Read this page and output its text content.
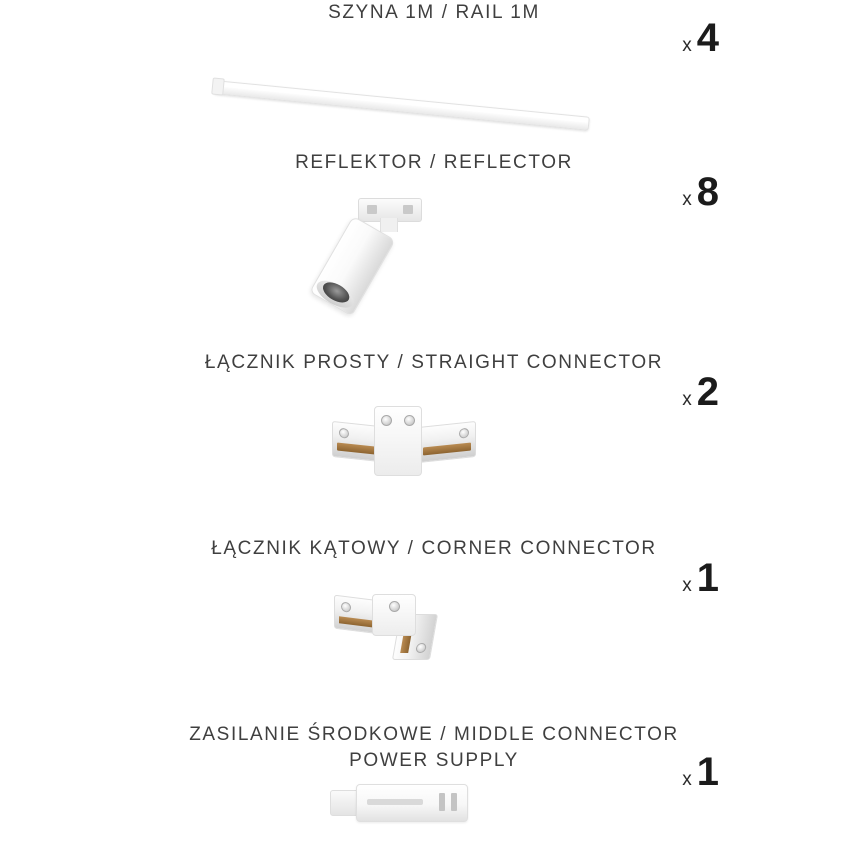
SZYNA 1M / RAIL 1M
x 4
REFLEKTOR / REFLECTOR
x 8
ŁĄCZNIK PROSTY / STRAIGHT CONNECTOR
x 2
ŁĄCZNIK KĄTOWY / CORNER CONNECTOR
x 1
ZASILANIE ŚRODKOWE / MIDDLE CONNECTOR
POWER SUPPLY
x 1
